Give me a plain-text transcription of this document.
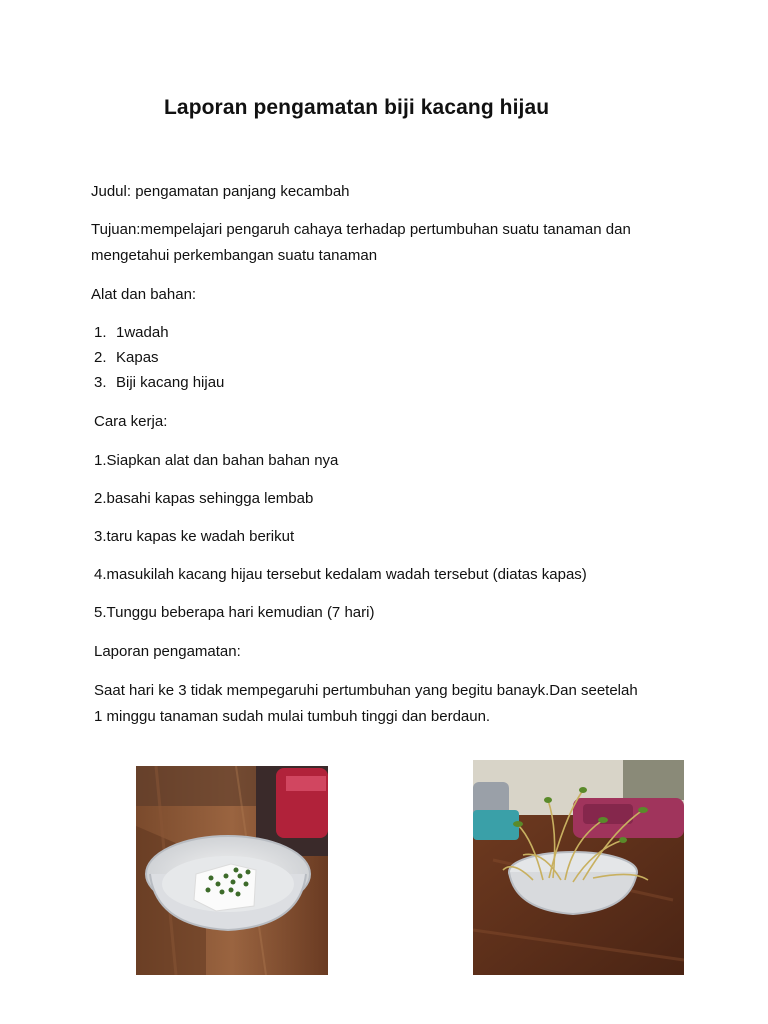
Laporan pengamatan biji kacang hijau
Judul: pengamatan panjang kecambah
Tujuan:mempelajari pengaruh cahaya terhadap pertumbuhan suatu tanaman dan
mengetahui perkembangan suatu tanaman
Alat dan bahan:
1. 1wadah
2. Kapas
3. Biji kacang hijau
Cara kerja:
1.Siapkan alat dan bahan bahan nya
2.basahi kapas sehingga lembab
3.taru kapas ke wadah berikut
4.masukilah kacang hijau tersebut kedalam wadah tersebut (diatas kapas)
5.Tunggu beberapa hari kemudian (7 hari)
Laporan pengamatan:
Saat hari ke 3 tidak mempegaruhi pertumbuhan yang begitu banayk.Dan seetelah
1 minggu tanaman sudah mulai tumbuh tinggi dan berdaun.
